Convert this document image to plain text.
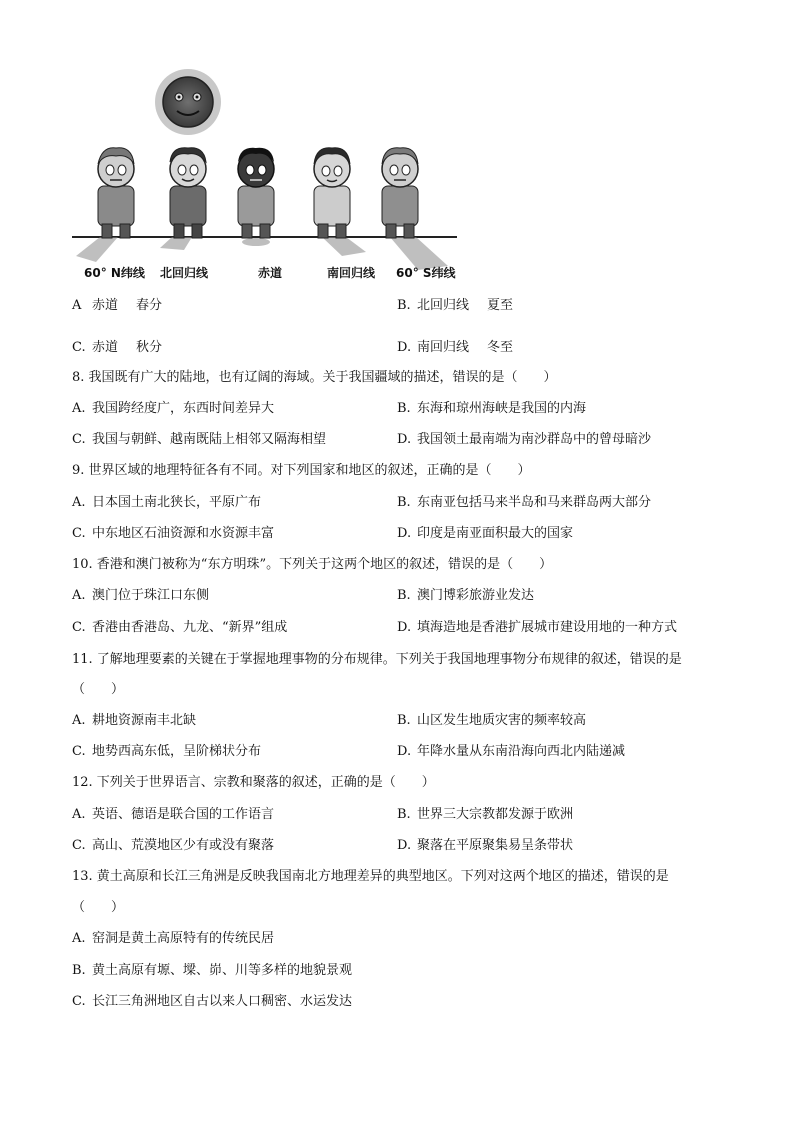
60° N纬线 北回归线	赤道	南回归线 60° S纬线
A 赤道 春分	B. 北回归线 夏至
C. 赤道 秋分	D. 南回归线 冬至
8. 我国既有广大的陆地，也有辽阔的海域。关于我国疆域的描述，错误的是（　　）
A. 我国跨经度广，东西时间差异大	B. 东海和琼州海峡是我国的内海
C. 我国与朝鲜、越南既陆上相邻又隔海相望	D. 我国领土最南端为南沙群岛中的曾母暗沙
9. 世界区域的地理特征各有不同。对下列国家和地区的叙述，正确的是（　　）
A. 日本国土南北狭长，平原广布	B. 东南亚包括马来半岛和马来群岛两大部分
C. 中东地区石油资源和水资源丰富	D. 印度是南亚面积最大的国家
10. 香港和澳门被称为“东方明珠”。下列关于这两个地区的叙述，错误的是（　　）
A. 澳门位于珠江口东侧	B. 澳门博彩旅游业发达
C. 香港由香港岛、九龙、“新界”组成	D. 填海造地是香港扩展城市建设用地的一种方式
11. 了解地理要素的关键在于掌握地理事物的分布规律。下列关于我国地理事物分布规律的叙述，错误的是
（　　）
A. 耕地资源南丰北缺	B. 山区发生地质灾害的频率较高
C. 地势西高东低，呈阶梯状分布	D. 年降水量从东南沿海向西北内陆递减
12. 下列关于世界语言、宗教和聚落的叙述，正确的是（　　）
A. 英语、德语是联合国的工作语言	B. 世界三大宗教都发源于欧洲
C. 高山、荒漠地区少有或没有聚落	D. 聚落在平原聚集易呈条带状
13. 黄土高原和长江三角洲是反映我国南北方地理差异的典型地区。下列对这两个地区的描述，错误的是
（　　）
A. 窑洞是黄土高原特有的传统民居
B. 黄土高原有塬、墚、峁、川等多样的地貌景观
C. 长江三角洲地区自古以来人口稠密、水运发达
